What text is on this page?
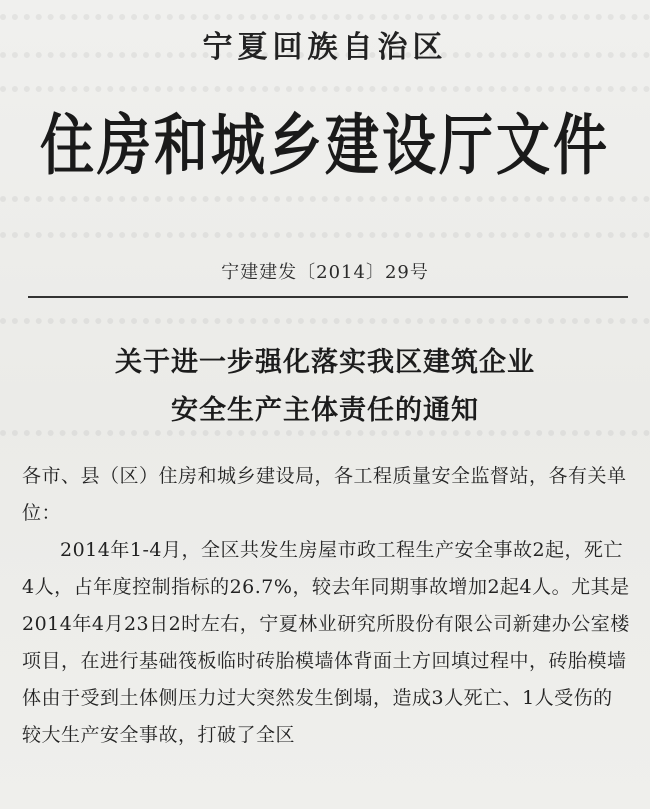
宁夏回族自治区
住房和城乡建设厅文件
宁建建发〔2014〕29号
关于进一步强化落实我区建筑企业
安全生产主体责任的通知

各市、县（区）住房和城乡建设局，各工程质量安全监督站，各有关单位：

2014年1-4月，全区共发生房屋市政工程生产安全事故2起，死亡4人，占年度控制指标的26.7%，较去年同期事故增加2起4人。尤其是2014年4月23日2时左右，宁夏林业研究所股份有限公司新建办公室楼项目，在进行基础筏板临时砖胎模墙体背面土方回填过程中，砖胎模墙体由于受到土体侧压力过大突然发生倒塌，造成3人死亡、1人受伤的较大生产安全事故，打破了全区
